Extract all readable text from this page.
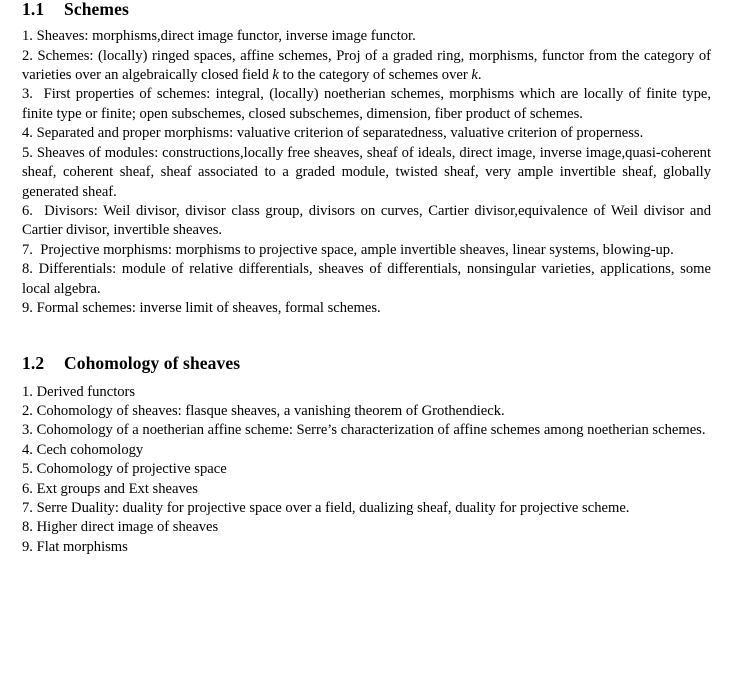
1.1 Schemes
1. Sheaves: morphisms,direct image functor, inverse image functor.
2. Schemes: (locally) ringed spaces, affine schemes, Proj of a graded ring, morphisms, functor from the category of varieties over an algebraically closed field k to the category of schemes over k.
3. First properties of schemes: integral, (locally) noetherian schemes, morphisms which are locally of finite type, finite type or finite; open subschemes, closed subschemes, dimension, fiber product of schemes.
4. Separated and proper morphisms: valuative criterion of separatedness, valuative criterion of properness.
5. Sheaves of modules: constructions,locally free sheaves, sheaf of ideals, direct image, inverse image,quasi-coherent sheaf, coherent sheaf, sheaf associated to a graded module, twisted sheaf, very ample invertible sheaf, globally generated sheaf.
6. Divisors: Weil divisor, divisor class group, divisors on curves, Cartier divisor,equivalence of Weil divisor and Cartier divisor, invertible sheaves.
7. Projective morphisms: morphisms to projective space, ample invertible sheaves, linear systems, blowing-up.
8. Differentials: module of relative differentials, sheaves of differentials, nonsingular varieties, applications, some local algebra.
9. Formal schemes: inverse limit of sheaves, formal schemes.
1.2 Cohomology of sheaves
1. Derived functors
2. Cohomology of sheaves: flasque sheaves, a vanishing theorem of Grothendieck.
3. Cohomology of a noetherian affine scheme: Serre’s characterization of affine schemes among noetherian schemes.
4. Cech cohomology
5. Cohomology of projective space
6. Ext groups and Ext sheaves
7. Serre Duality: duality for projective space over a field, dualizing sheaf, duality for projective scheme.
8. Higher direct image of sheaves
9. Flat morphisms
